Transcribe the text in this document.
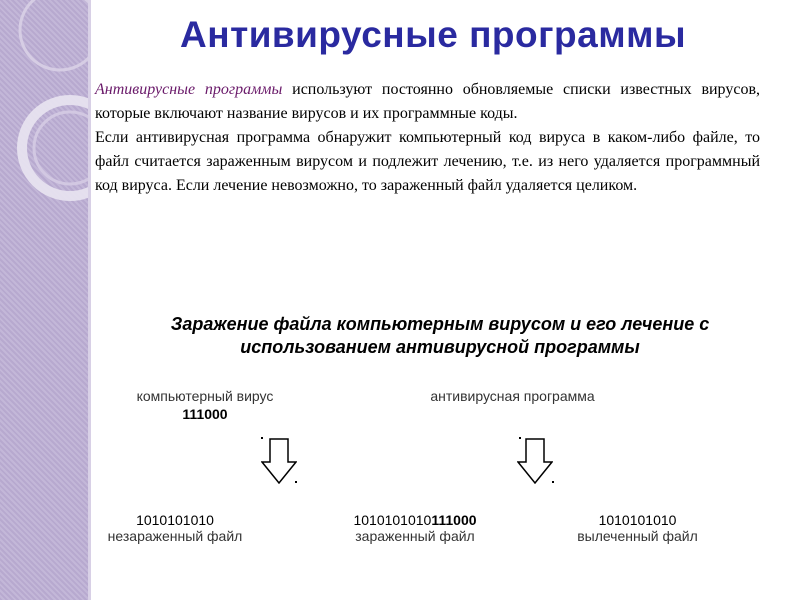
Антивирусные программы

Антивирусные программы используют постоянно обновляемые списки известных вирусов, которые включают название вирусов и их программные коды.

Если антивирусная программа обнаружит компьютерный код вируса в каком-либо файле, то файл считается зараженным вирусом и подлежит лечению, т.е. из него удаляется программный код вируса. Если лечение невозможно, то зараженный файл удаляется целиком.

Заражение файла компьютерным вирусом и его лечение с использованием антивирусной программы
компьютерный вирус
111000
антивирусная программа
1010101010
незараженный файл
1010101010111000
зараженный файл
1010101010
вылеченный файл
